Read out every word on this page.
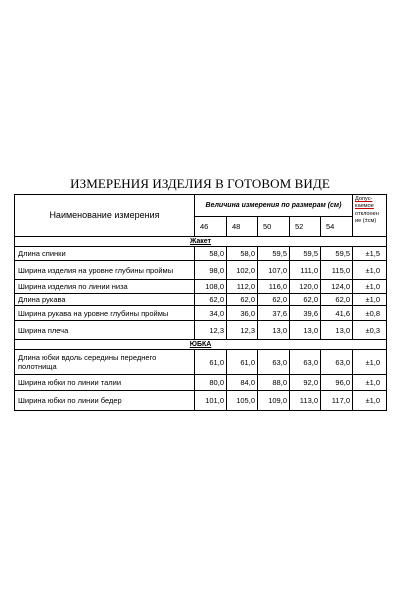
ИЗМЕРЕНИЯ ИЗДЕЛИЯ В ГОТОВОМ ВИДЕ
Наименование измерения	Величина измерения по размерам (см)					Допус-
каемое
отклонен
ие (±см)

	46	48	50	52	54	
Жакет						
Длина спинки	58,0	58,0	59,5	59,5	59,5	±1,5
Ширина изделия на уровне глубины проймы	98,0	102,0	107,0	111,0	115,0	±1,0
Ширина изделия по линии низа	108,0	112,0	116,0	120,0	124,0	±1,0
Длина рукава	62,0	62,0	62,0	62,0	62,0	±1,0
Ширина рукава на уровне глубины проймы	34,0	36,0	37,6	39,6	41,6	±0,8
Ширина плеча	12,3	12,3	13,0	13,0	13,0	±0,3
ЮБКА						
Длина юбки вдоль середины переднего полотнища	61,0	61,0	63,0	63,0	63,0	±1,0
Ширина юбки по линии талии	80,0	84,0	88,0	92,0	96,0	±1,0
Ширина юбки по линии бедер	101,0	105,0	109,0	113,0	117,0	±1,0
